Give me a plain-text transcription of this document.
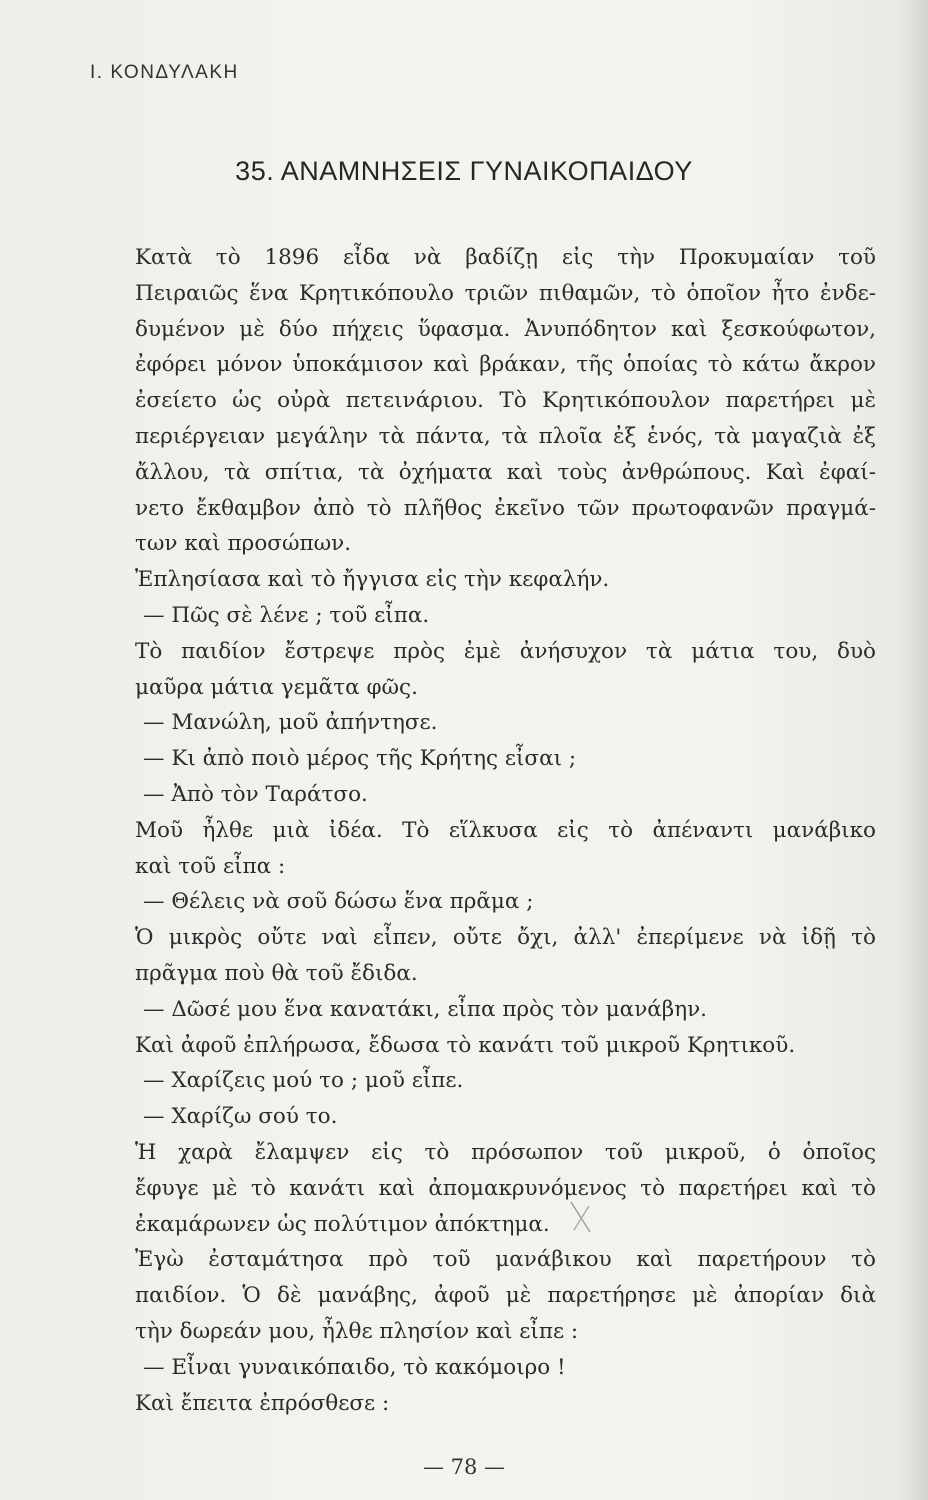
Ι. ΚΟΝΔΥΛΑΚΗ
35. ΑΝΑΜΝΗΣΕΙΣ ΓΥΝΑΙΚΟΠΑΙΔΟΥ
Κατὰ τὸ 1896 εἶδα νὰ βαδίζῃ εἰς τὴν Προκυμαίαν τοῦ
Πειραιῶς ἕνα Κρητικόπουλο τριῶν πιθαμῶν, τὸ ὁποῖον ἦτο ἐνδε-
δυμένον μὲ δύο πήχεις ὕφασμα. Ἀνυπόδητον καὶ ξεσκούφωτον,
ἐφόρει μόνον ὑποκάμισον καὶ βράκαν, τῆς ὁποίας τὸ κάτω ἄκρον
ἐσείετο ὡς οὐρὰ πετεινάριου. Τὸ Κρητικόπουλον παρετήρει μὲ
περιέργειαν μεγάλην τὰ πάντα, τὰ πλοῖα ἐξ ἑνός, τὰ μαγαζιὰ ἐξ
ἄλλου, τὰ σπίτια, τὰ ὀχήματα καὶ τοὺς ἀνθρώπους. Καὶ ἐφαί-
νετο ἔκθαμβον ἀπὸ τὸ πλῆθος ἐκεῖνο τῶν πρωτοφανῶν πραγμά-
των καὶ προσώπων.
Ἐπλησίασα καὶ τὸ ἤγγισα εἰς τὴν κεφαλήν.
— Πῶς σὲ λένε ; τοῦ εἶπα.
Τὸ παιδίον ἔστρεψε πρὸς ἐμὲ ἀνήσυχον τὰ μάτια του, δυὸ
μαῦρα μάτια γεμᾶτα φῶς.
— Μανώλη, μοῦ ἀπήντησε.
— Κι ἀπὸ ποιὸ μέρος τῆς Κρήτης εἶσαι ;
— Ἀπὸ τὸν Ταράτσο.
Μοῦ ἦλθε μιὰ ἰδέα. Τὸ εἵλκυσα εἰς τὸ ἀπέναντι μανάβικο
καὶ τοῦ εἶπα :
— Θέλεις νὰ σοῦ δώσω ἕνα πρᾶμα ;
Ὁ μικρὸς οὔτε ναὶ εἶπεν, οὔτε ὄχι, ἀλλ' ἐπερίμενε νὰ ἰδῇ τὸ
πρᾶγμα ποὺ θὰ τοῦ ἔδιδα.
— Δῶσέ μου ἕνα κανατάκι, εἶπα πρὸς τὸν μανάβην.
Καὶ ἀφοῦ ἐπλήρωσα, ἔδωσα τὸ κανάτι τοῦ μικροῦ Κρητικοῦ.
— Χαρίζεις μού το ; μοῦ εἶπε.
— Χαρίζω σού το.
Ἡ χαρὰ ἔλαμψεν εἰς τὸ πρόσωπον τοῦ μικροῦ, ὁ ὁποῖος
ἔφυγε μὲ τὸ κανάτι καὶ ἀπομακρυνόμενος τὸ παρετήρει καὶ τὸ
ἐκαμάρωνεν ὡς πολύτιμον ἀπόκτημα.
Ἐγὼ ἐσταμάτησα πρὸ τοῦ μανάβικου καὶ παρετήρουν τὸ
παιδίον. Ὁ δὲ μανάβης, ἀφοῦ μὲ παρετήρησε μὲ ἀπορίαν διὰ
τὴν δωρεάν μου, ἦλθε πλησίον καὶ εἶπε :
— Εἶναι γυναικόπαιδο, τὸ κακόμοιρο !
Καὶ ἔπειτα ἐπρόσθεσε :
— 78 —
